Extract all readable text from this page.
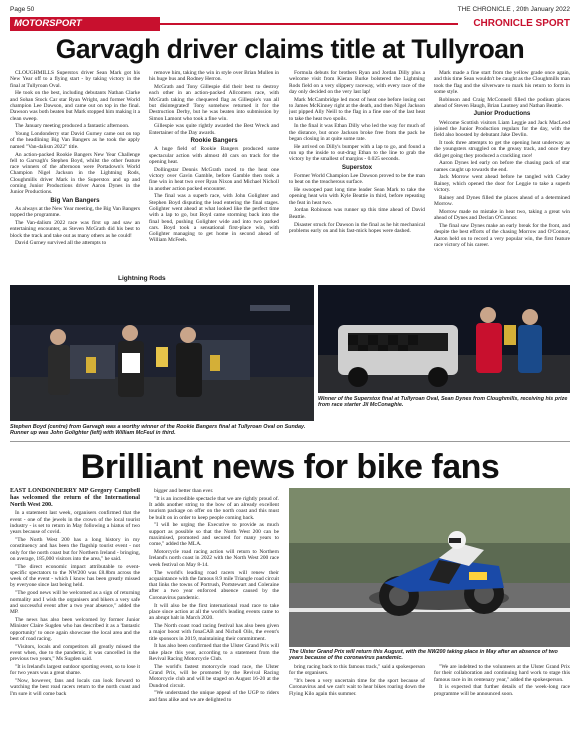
Page 50	THE CHRONICLE , 20th January 2022
MOTORSPORT	CHRONICLE SPORT
Garvagh driver claims title at Tullyroan

CLOUGHMILLS Superstox driver Sean Mark got his New Year off to a flying start - by taking victory in the final at Tullyroan Oval.

He took on the best, including debutants Nathan Clarke and Sohan Stock Car star Ryan Wright, and former World champion Lee Dawson, and came out on top in the final. Dawson was both beaten but Mark stopped him making it a clean sweep.

The January meeting produced a fantastic afternoon.

Young Londonderry star David Gurney came out on top of the headlining Big Van Bangers as he took the apply named "Van-dalism 2022" title.

An action-packed Rookie Bangers New Year Challenge fell to Garvagh's Stephen Boyd, whilst the other feature race winners of the afternoon were Portadown's World Champion Nigel Jackson in the Lightning Rods, Cloughmills driver Mark in the Superstox and up and coming Junior Productions driver Aaron Dynes in the Junior Productions.

Big Van Bangers

As always at the New Year meeting, the Big Van Bangers topped the programme.

The Van-dalism 2022 race was first up and saw an entertaining encounter, as Steven McGrath did his best to block the track and take out as many others as he could!

David Gurney survived all the attempts to

remove him, taking the win in style over Brian Mullen in his huge bus and Rodney Herron.

McGrath and Tony Gillespie did their best to destroy each other in an action-packed Allcomers race, with McGrath taking the chequered flag as Gillespie's van all but disintegrated! Tony somehow returned it for the Destruction Derby, but he was beaten into submission by Simon Lamont who took a fine win.

Gillespie was quite rightly awarded the Best Wreck and Entertainer of the Day awards.

Rookie Bangers

A huge field of Rookie Bangers produced some spectacular action with almost 40 cars on track for the opening heat.

Dollingstar Dennis McGrath raced to the heat one victory over Gavin Gamble, before Gamble then took a fine win in heat two over Ryan Nixon and Michael Nicholl in another action packed encounter.

The final was a superb race, with John Golighter and Stephen Boyd disputing the lead entering the final stages. Golighter went ahead at what looked like the perfect time with a lap to go, but Boyd came storming back into the final bend, pushing Golighter wide and into two parked cars. Boyd took a sensational first-place win, with Golighter managing to get home in second ahead of William McFeeh.

Formula debuts for brothers Ryan and Jordan Dilly plus a welcome visit from Kieran Burke bolstered the Lightning Rods field on a very slippery raceway, with every race of the day only decided on the very last lap!

Mark McCambridge led most of heat one before losing out to James McKinney right at the death, and then Nigel Jackson just pipped Ally Neill to the flag in a fine one of the last heat to take the heat two spoils.

In the final it was Ethan Dilly who led the way for much of the distance, but once Jackson broke free from the pack he began closing in at quite some rate.

He arrived on Dilly's bumper with a lap to go, and found a run up the inside to out-drag Ethan to the line to grab the victory by the smallest of margins - 0.025 seconds.

Superstox

Former World Champion Lee Dawson proved to be the man to beat on the treacherous surface.

He swooped past long time leader Sean Mark to take the opening heat win with Kyle Beattie in third, before repeating the feat in heat two.

Jordan Robinson was runner up this time ahead of David Beattie.

Disaster struck for Dawson in the final as he hit mechanical problems early on and his fast-mick hopes were dashed.

Mark made a fine start from the yellow grade once again, and this time Sean wouldn't be caught as the Cloughmills man took the flag and the silverware to mark his return to form in some style.

Robinson and Craig McConnell filled the podium places ahead of Steven Haugh, Brian Lautney and Nathan Beattie.

Junior Productions

Welcome Scottish visitors Liam Leggie and Jack MacLeod joined the Junior Production regulars for the day, with the field also boosted by debutant Jake Devlin.

It took three attempts to get the opening heat underway as the youngsters struggled on the greasy track, and once they did get going they produced a crackling race!

Aaron Dynes led early on before the chasing pack of star names caught up towards the end.

Jack Morrow went ahead before he tangled with Cadey Rainey, which opened the door for Leggie to take a superb victory.

Rainey and Dynes filled the places ahead of a determined Morrow.

Morrow made no mistake in heat two, taking a great win ahead of Dynes and Declan O'Connor.

The final saw Dynes make an early break for the front, and despite the best efforts of the chasing Morrow and O'Connor, Aaron held on to record a very popular win, the first feature race victory of his career.

Lightning Rods
Stephen Boyd (centre) from Garvagh was a worthy winner of the Rookie Bangers final at Tullyroan Oval on Sunday. Runner up was John Golighter (left) with William McFeul in third.
Winner of the Superstox final at Tullyroan Oval, Sean Dynes from Cloughmills, receiving his prize from race starter Jil McConaghie.
Brilliant news for bike fans

EAST LONDONDERRY MP Gregory Campbell has welcomed the return of the International North West 200.

In a statement last week, organisers confirmed that the event - one of the jewels in the crown of the local tourist industry - is set to return in May following a hiatus of two years because of covid.

"The North West 200 has a long history in my constituency and has been the flagship tourist event - not only for the north coast but for Northern Ireland - bringing, on average, 185,000 visitors into the area," he said.

"The direct economic impact attributable to event-specific spectators to the NW200 was £8.8bm across the week of the event - which I know has been greatly missed by everyone since last being held.

"The good news will be welcomed as a sign of returning normality and I wish the organisers and bikers a very safe and successful event after a two year absence," added the MP.

The news has also been welcomed by former Junior Minister Claire Sugden who has described it as a 'fantastic opportunity' to once again showcase the local area and the best of road racing.

"Visitors, locals and competitors all greatly missed the event when, due to the pandemic, it was cancelled in the previous two years," Ms Sugden said.

"It is Ireland's largest outdoor sporting event, so to lose it for two years was a great shame.

"Now, however, fans and locals can look forward to watching the best road racers return to the north coast and I'm sure it will come back

bigger and better than ever.

"It is an incredible spectacle that we are rightly proud of. It adds another string to the bow of an already excellent tourism package on offer on the north coast and this must be built on in order to keep people coming back.

"I will be urging the Executive to provide as much support as possible so that the North West 200 can be maximised, promoted and secured for many years to come," added the MLA.

Motorcycle road racing action will return to Northern Ireland's north coast in 2022 with the North West 200 race week festival on May 8-14.

The world's leading road racers will renew their acquaintance with the famous 8.9 mile Triangle road circuit that links the towns of Portrush, Portstewart and Coleraine after a two year enforced absence caused by the Coronavirus pandemic.

It will also be the first international road race to take place since action at all the world's leading events came to an abrupt halt in March 2020.

The North coast road racing festival has also been given a major boost with fonaCAB and Nicholl Oils, the event's title sponsors in 2019, maintaining their commitment.

It has also been confirmed that the Ulster Grand Prix will take place this year, according to a statement from the Revival Racing Motorcycle Club.

The world's fastest motorcycle road race, the Ulster Grand Prix, will be promoted by the Revival Racing Motorcycle club and will be staged on August 16-20 at the Dundrod circuit.

"We understand the unique appeal of the UGP to riders and fans alike and we are delighted to

The Ulster Grand Prix will return this August, with the NW200 taking place in May after an absence of two years because of the coronavirus pandemic.

bring racing back to this famous track," said a spokesperson for the organisers.

"It's been a very uncertain time for the sport because of Coronavirus and we can't wait to hear bikes roaring down the Flying Kilo again this summer.

"We are indebted to the volunteers at the Ulster Grand Prix for their collaboration and continuing hard work to stage this famous race in its centenary year," added the spokesperson.

It is expected that further details of the week-long race programme will be announced soon.
